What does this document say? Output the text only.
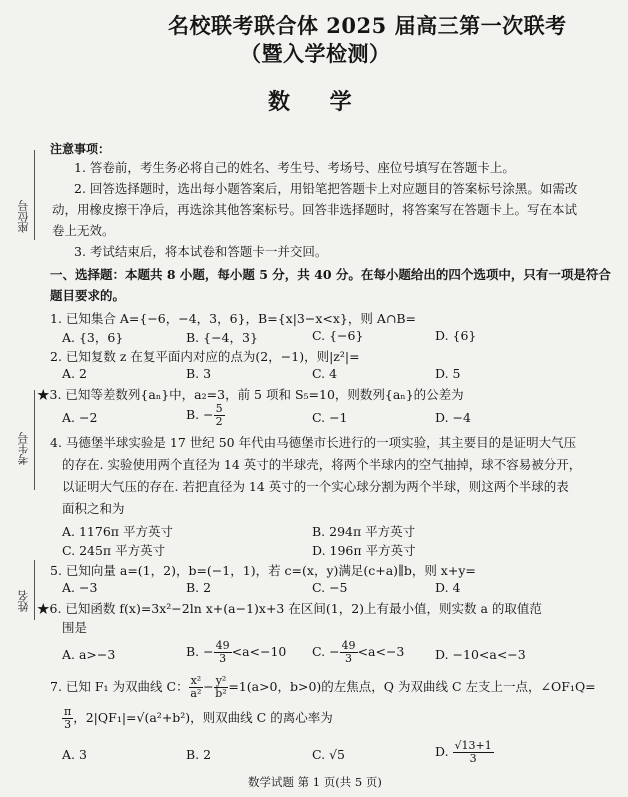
座位号
考生号
姓名
名校联考联合体 2025 届高三第一次联考
（暨入学检测）
数 学
注意事项：
1. 答卷前，考生务必将自己的姓名、考生号、考场号、座位号填写在答题卡上。
2. 回答选择题时，选出每小题答案后，用铅笔把答题卡上对应题目的答案标号涂黑。如需改
动，用橡皮擦干净后，再选涂其他答案标号。回答非选择题时，将答案写在答题卡上。写在本试
卷上无效。
3. 考试结束后，将本试卷和答题卡一并交回。
一、选择题：本题共 8 小题，每小题 5 分，共 40 分。在每小题给出的四个选项中，只有一项是符合
题目要求的。
1. 已知集合 A={−6，−4，3，6}，B={x|3−x<x}，则 A∩B=
A. {3，6}	B. {−4，3}	C. {−6}	D. {6}
2. 已知复数 z 在复平面内对应的点为(2，−1)，则|z²|=
A. 2	B. 3	C. 4	D. 5
★3. 已知等差数列{aₙ}中，a₂=3，前 5 项和 S₅=10，则数列{aₙ}的公差为
A. −2	B. − $\frac{5}{2}$	C. −1	D. −4
4. 马德堡半球实验是 17 世纪 50 年代由马德堡市长进行的一项实验，其主要目的是证明大气压
的存在. 实验使用两个直径为 14 英寸的半球壳，将两个半球内的空气抽掉，球不容易被分开，
以证明大气压的存在. 若把直径为 14 英寸的一个实心球分割为两个半球，则这两个半球的表
面积之和为
A. 1176π 平方英寸	B. 294π 平方英寸
C. 245π 平方英寸	D. 196π 平方英寸
5. 已知向量 a=(1，2)，b=(−1，1)，若 c=(x，y)满足(c+a)∥b，则 x+y=
A. −3	B. 2	C. −5	D. 4
★6. 已知函数 f(x)=3x²−2ln x+(a−1)x+3 在区间(1，2)上有最小值，则实数 a 的取值范
围是
A. a>−3	B. − $\frac{49}{3} <a<-10$ C. − $\frac{49}{3} <a<-3$ D. −10<a<−3
7. 已知 F₁ 为双曲线 C： $\frac{\text{x²}}{\text{a²}} - \frac{\text{y²}}{\text{b²}} =1(a>0$，b>0)的左焦点，Q 为双曲线 C 左支上一点，∠OF₁Q=
$\frac{\pi}{3}$ ，2|QF₁|=√(a²+b²)，则双曲线 C 的离心率为
A. 3	B. 2	C. √5	D. $\frac{√13+1}{3}$
数学试题 第 1 页(共 5 页)
